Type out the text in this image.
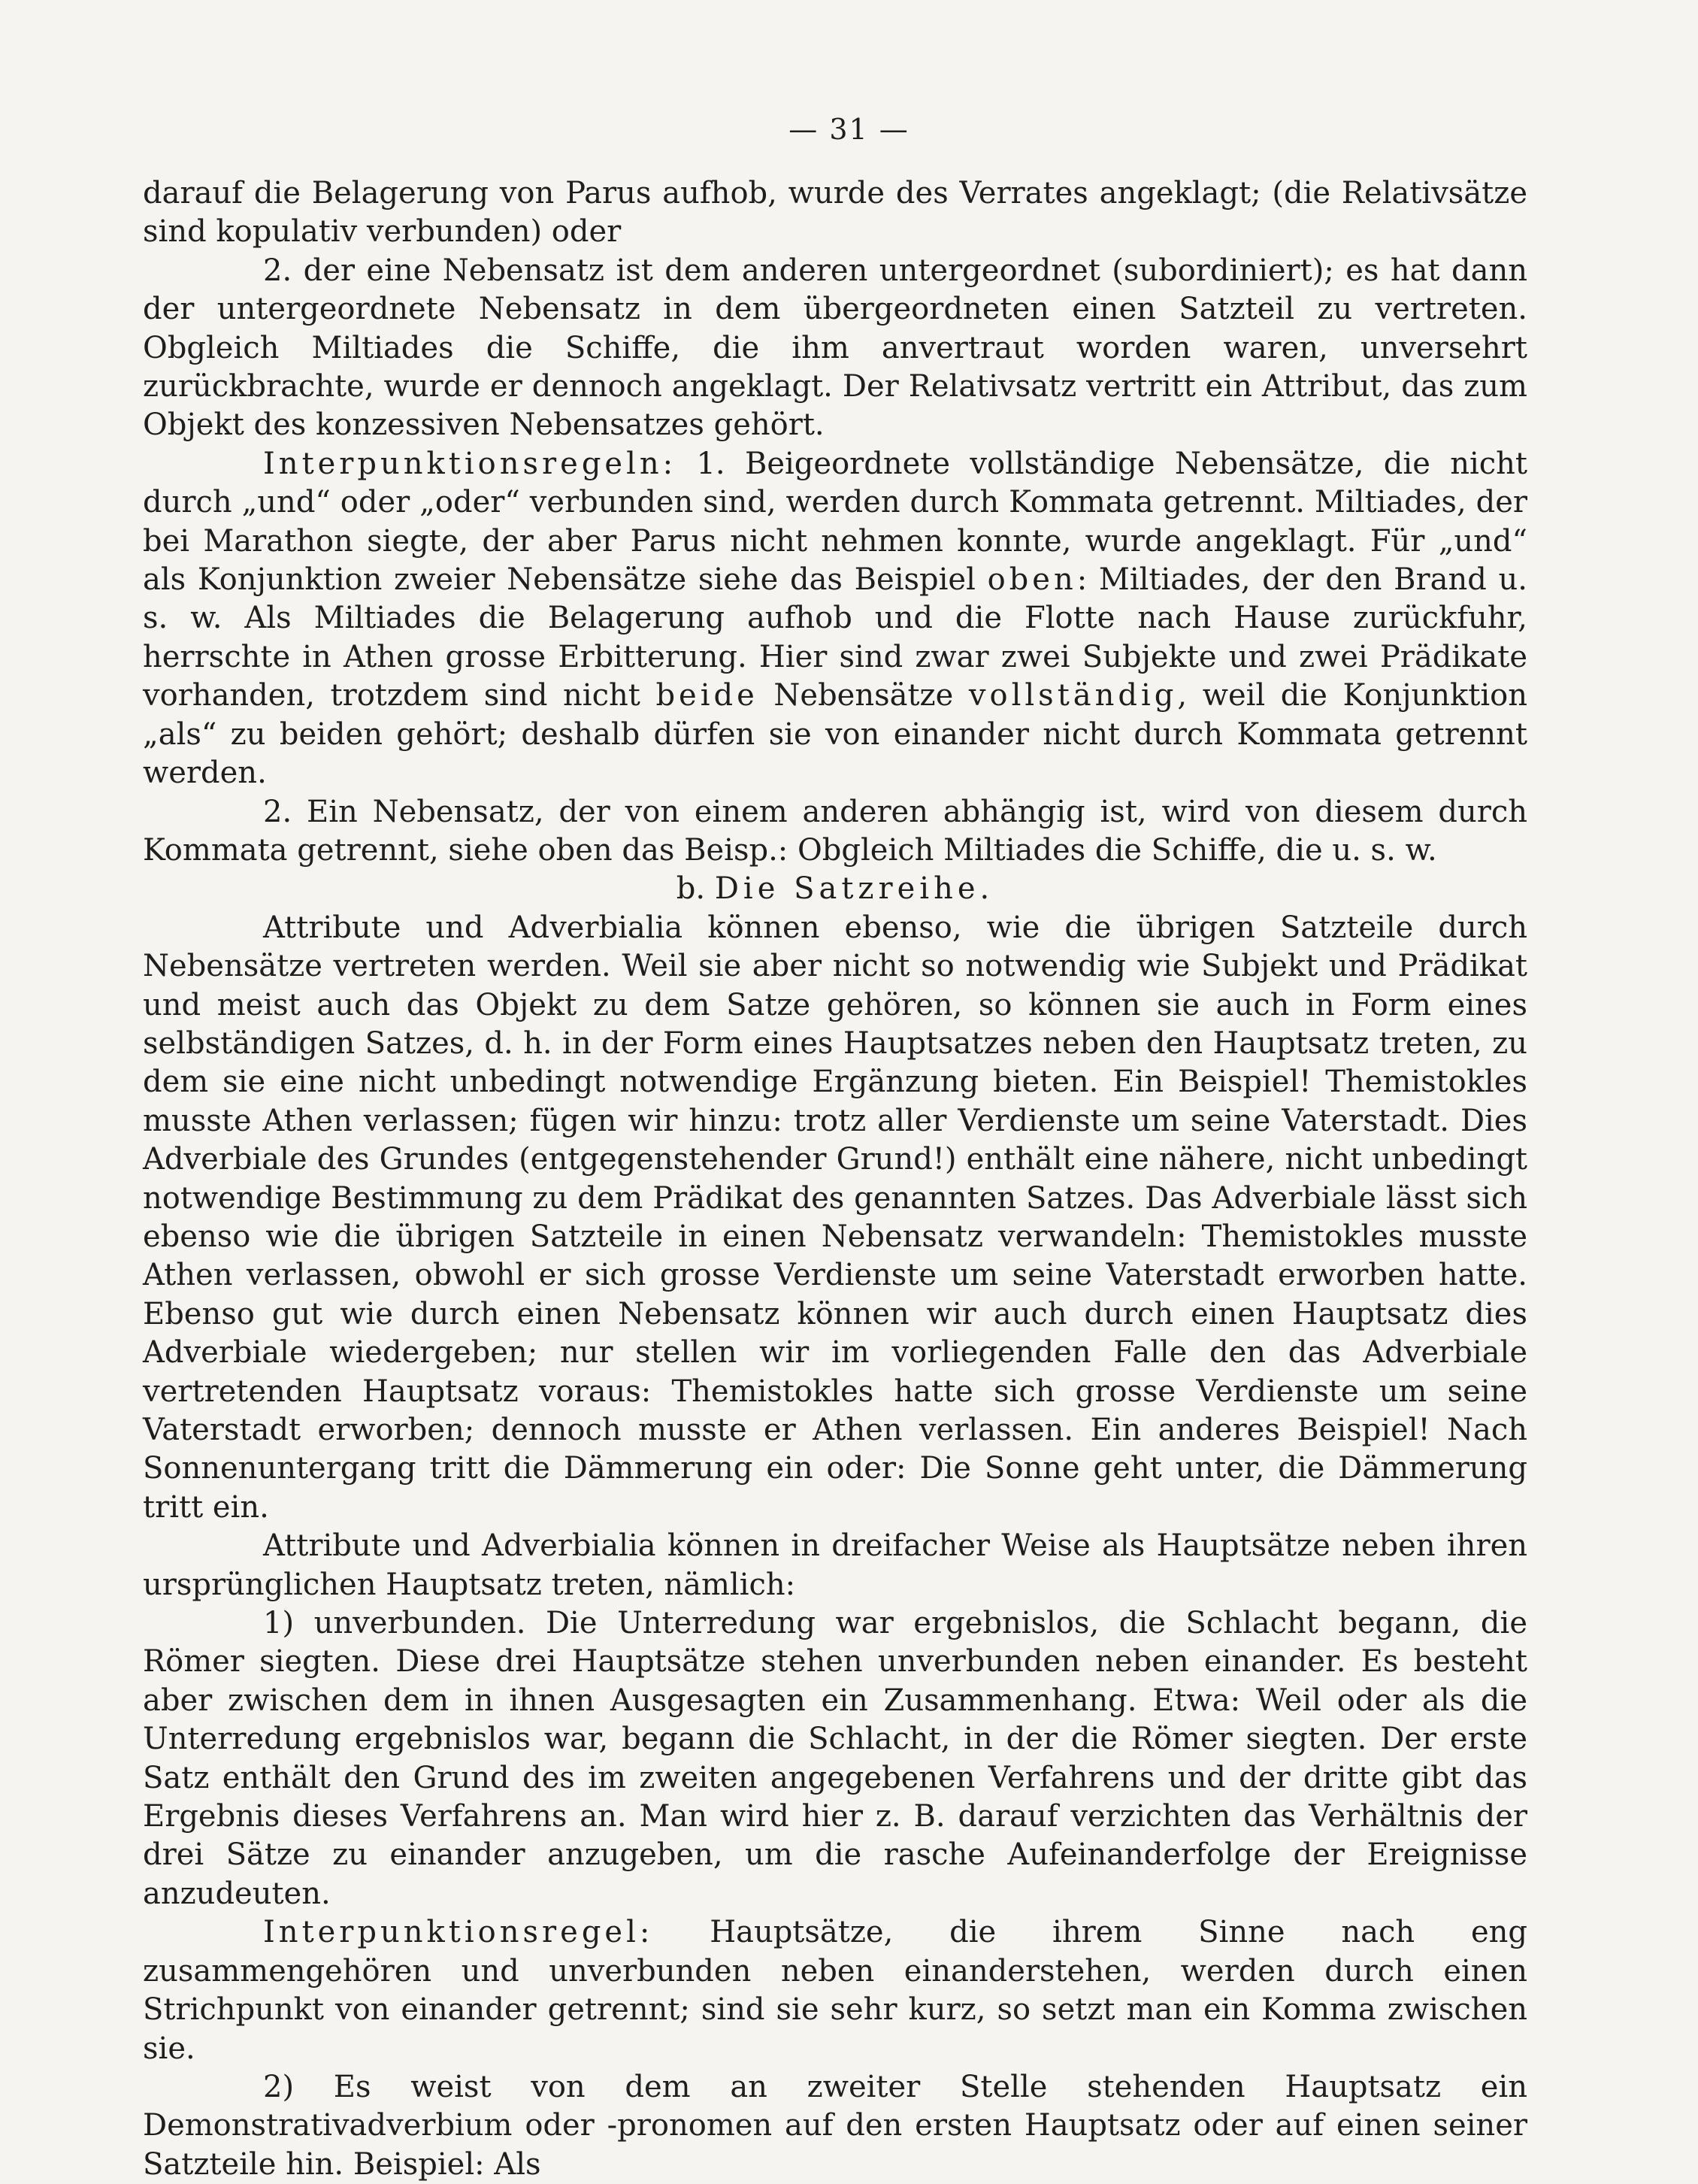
— 31 —

darauf die Belagerung von Parus aufhob, wurde des Verrates angeklagt; (die Relativsätze sind kopulativ verbunden) oder

2. der eine Nebensatz ist dem anderen untergeordnet (subordiniert); es hat dann der untergeordnete Nebensatz in dem übergeordneten einen Satzteil zu vertreten. Obgleich Miltiades die Schiffe, die ihm anvertraut worden waren, unversehrt zurückbrachte, wurde er dennoch angeklagt. Der Relativsatz vertritt ein Attribut, das zum Objekt des konzessiven Nebensatzes gehört.

Interpunktionsregeln: 1. Beigeordnete vollständige Nebensätze, die nicht durch „und“ oder „oder“ verbunden sind, werden durch Kommata getrennt. Miltiades, der bei Marathon siegte, der aber Parus nicht nehmen konnte, wurde angeklagt. Für „und“ als Konjunktion zweier Nebensätze siehe das Beispiel oben: Miltiades, der den Brand u. s. w. Als Miltiades die Belagerung aufhob und die Flotte nach Hause zurückfuhr, herrschte in Athen grosse Erbitterung. Hier sind zwar zwei Subjekte und zwei Prädikate vorhanden, trotzdem sind nicht beide Nebensätze vollständig, weil die Konjunktion „als“ zu beiden gehört; deshalb dürfen sie von einander nicht durch Kommata getrennt werden.

2. Ein Nebensatz, der von einem anderen abhängig ist, wird von diesem durch Kommata getrennt, siehe oben das Beisp.: Obgleich Miltiades die Schiffe, die u. s. w.

b. Die Satzreihe.

Attribute und Adverbialia können ebenso, wie die übrigen Satzteile durch Nebensätze vertreten werden. Weil sie aber nicht so notwendig wie Subjekt und Prädikat und meist auch das Objekt zu dem Satze gehören, so können sie auch in Form eines selbständigen Satzes, d. h. in der Form eines Hauptsatzes neben den Hauptsatz treten, zu dem sie eine nicht unbedingt notwendige Ergänzung bieten. Ein Beispiel! Themistokles musste Athen verlassen; fügen wir hinzu: trotz aller Verdienste um seine Vaterstadt. Dies Adverbiale des Grundes (entgegenstehender Grund!) enthält eine nähere, nicht unbedingt notwendige Bestimmung zu dem Prädikat des genannten Satzes. Das Adverbiale lässt sich ebenso wie die übrigen Satzteile in einen Nebensatz verwandeln: Themistokles musste Athen verlassen, obwohl er sich grosse Verdienste um seine Vaterstadt erworben hatte. Ebenso gut wie durch einen Nebensatz können wir auch durch einen Hauptsatz dies Adverbiale wiedergeben; nur stellen wir im vorliegenden Falle den das Adverbiale vertretenden Hauptsatz voraus: Themistokles hatte sich grosse Verdienste um seine Vaterstadt erworben; dennoch musste er Athen verlassen. Ein anderes Beispiel! Nach Sonnenuntergang tritt die Dämmerung ein oder: Die Sonne geht unter, die Dämmerung tritt ein.

Attribute und Adverbialia können in dreifacher Weise als Hauptsätze neben ihren ursprünglichen Hauptsatz treten, nämlich:

1) unverbunden. Die Unterredung war ergebnislos, die Schlacht begann, die Römer siegten. Diese drei Hauptsätze stehen unverbunden neben einander. Es besteht aber zwischen dem in ihnen Ausgesagten ein Zusammenhang. Etwa: Weil oder als die Unterredung ergebnislos war, begann die Schlacht, in der die Römer siegten. Der erste Satz enthält den Grund des im zweiten angegebenen Verfahrens und der dritte gibt das Ergebnis dieses Verfahrens an. Man wird hier z. B. darauf verzichten das Verhältnis der drei Sätze zu einander anzugeben, um die rasche Aufeinanderfolge der Ereignisse anzudeuten.

Interpunktionsregel: Hauptsätze, die ihrem Sinne nach eng zusammengehören und unverbunden neben einanderstehen, werden durch einen Strichpunkt von einander getrennt; sind sie sehr kurz, so setzt man ein Komma zwischen sie.

2) Es weist von dem an zweiter Stelle stehenden Hauptsatz ein Demonstrativadverbium oder -pronomen auf den ersten Hauptsatz oder auf einen seiner Satzteile hin. Beispiel: Als
